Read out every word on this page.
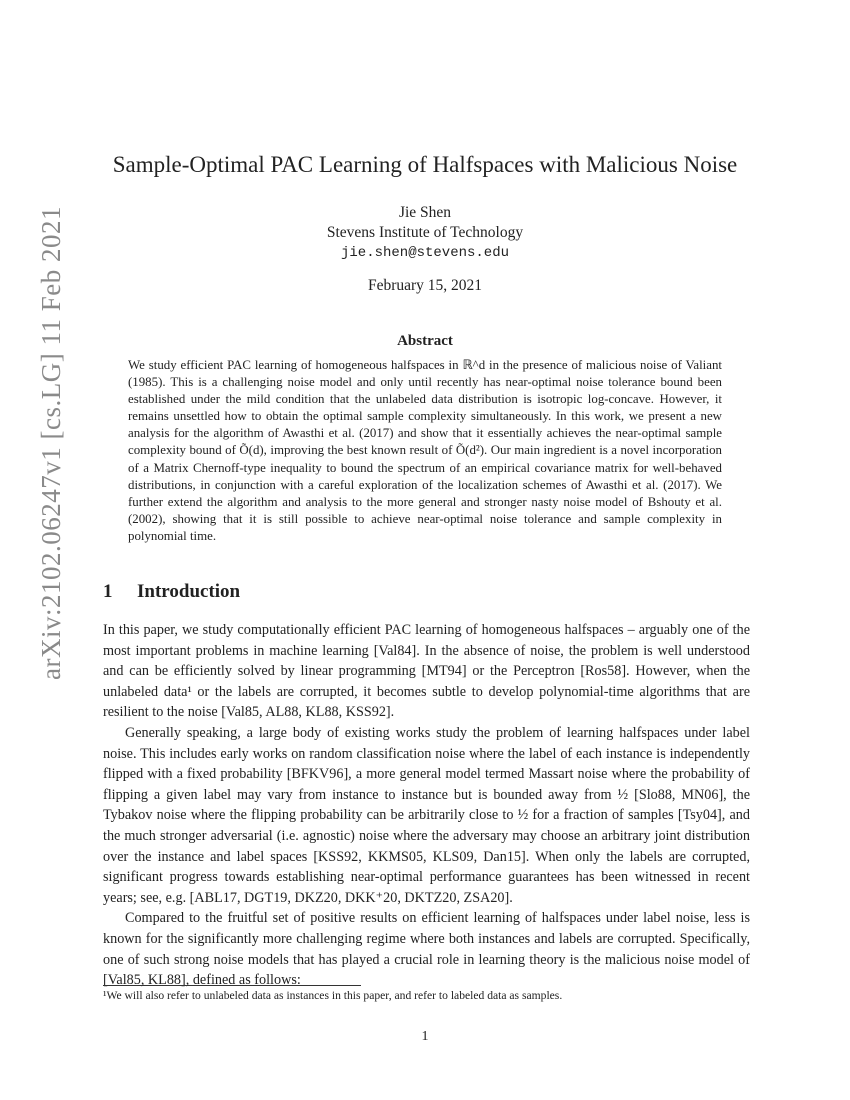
arXiv:2102.06247v1 [cs.LG] 11 Feb 2021
Sample-Optimal PAC Learning of Halfspaces with Malicious Noise
Jie Shen
Stevens Institute of Technology
jie.shen@stevens.edu
February 15, 2021
Abstract

We study efficient PAC learning of homogeneous halfspaces in ℝ^d in the presence of malicious noise of Valiant (1985). This is a challenging noise model and only until recently has near-optimal noise tolerance bound been established under the mild condition that the unlabeled data distribution is isotropic log-concave. However, it remains unsettled how to obtain the optimal sample complexity simultaneously. In this work, we present a new analysis for the algorithm of Awasthi et al. (2017) and show that it essentially achieves the near-optimal sample complexity bound of Õ(d), improving the best known result of Õ(d²). Our main ingredient is a novel incorporation of a Matrix Chernoff-type inequality to bound the spectrum of an empirical covariance matrix for well-behaved distributions, in conjunction with a careful exploration of the localization schemes of Awasthi et al. (2017). We further extend the algorithm and analysis to the more general and stronger nasty noise model of Bshouty et al. (2002), showing that it is still possible to achieve near-optimal noise tolerance and sample complexity in polynomial time.

1 Introduction

In this paper, we study computationally efficient PAC learning of homogeneous halfspaces – arguably one of the most important problems in machine learning [Val84]. In the absence of noise, the problem is well understood and can be efficiently solved by linear programming [MT94] or the Perceptron [Ros58]. However, when the unlabeled data¹ or the labels are corrupted, it becomes subtle to develop polynomial-time algorithms that are resilient to the noise [Val85, AL88, KL88, KSS92].

Generally speaking, a large body of existing works study the problem of learning halfspaces under label noise. This includes early works on random classification noise where the label of each instance is independently flipped with a fixed probability [BFKV96], a more general model termed Massart noise where the probability of flipping a given label may vary from instance to instance but is bounded away from ½ [Slo88, MN06], the Tybakov noise where the flipping probability can be arbitrarily close to ½ for a fraction of samples [Tsy04], and the much stronger adversarial (i.e. agnostic) noise where the adversary may choose an arbitrary joint distribution over the instance and label spaces [KSS92, KKMS05, KLS09, Dan15]. When only the labels are corrupted, significant progress towards establishing near-optimal performance guarantees has been witnessed in recent years; see, e.g. [ABL17, DGT19, DKZ20, DKK⁺20, DKTZ20, ZSA20].

Compared to the fruitful set of positive results on efficient learning of halfspaces under label noise, less is known for the significantly more challenging regime where both instances and labels are corrupted. Specifically, one of such strong noise models that has played a crucial role in learning theory is the malicious noise model of [Val85, KL88], defined as follows:

¹We will also refer to unlabeled data as instances in this paper, and refer to labeled data as samples.
1
